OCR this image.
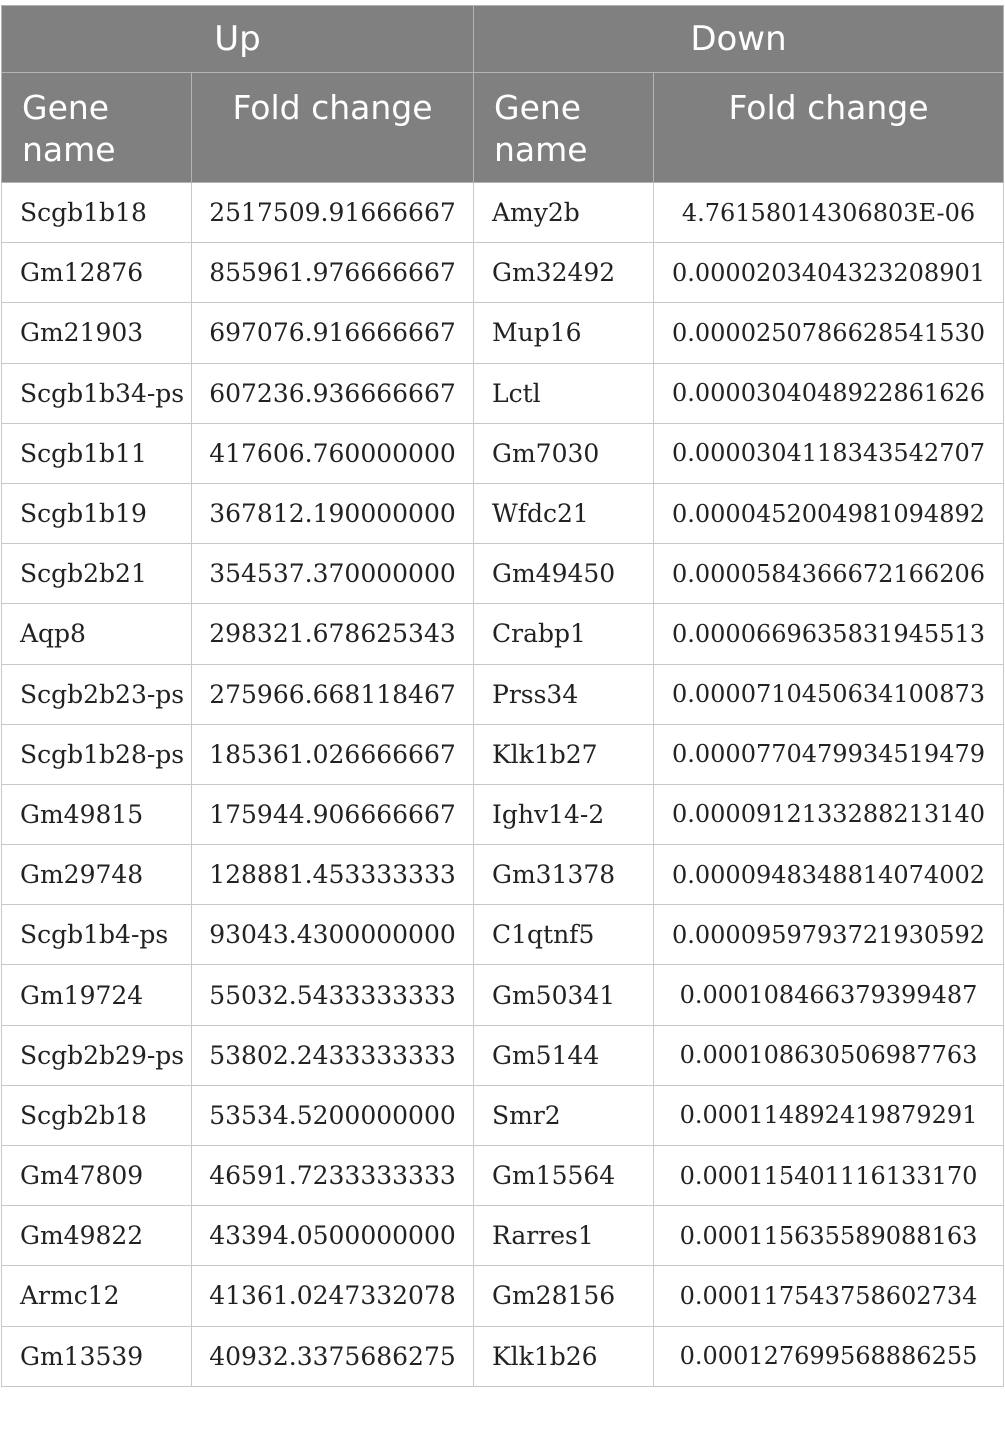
Up		Down	
Gene name	Fold change	Gene name	Fold change
Scgb1b18	2517509.91666667	Amy2b	4.76158014306803E-06
Gm12876	855961.976666667	Gm32492	0.0000203404323208901
Gm21903	697076.916666667	Mup16	0.0000250786628541530
Scgb1b34-ps	607236.936666667	Lctl	0.0000304048922861626
Scgb1b11	417606.760000000	Gm7030	0.0000304118343542707
Scgb1b19	367812.190000000	Wfdc21	0.0000452004981094892
Scgb2b21	354537.370000000	Gm49450	0.0000584366672166206
Aqp8	298321.678625343	Crabp1	0.0000669635831945513
Scgb2b23-ps	275966.668118467	Prss34	0.0000710450634100873
Scgb1b28-ps	185361.026666667	Klk1b27	0.0000770479934519479
Gm49815	175944.906666667	Ighv14-2	0.0000912133288213140
Gm29748	128881.453333333	Gm31378	0.0000948348814074002
Scgb1b4-ps	93043.4300000000	C1qtnf5	0.0000959793721930592
Gm19724	55032.5433333333	Gm50341	0.000108466379399487
Scgb2b29-ps	53802.2433333333	Gm5144	0.000108630506987763
Scgb2b18	53534.5200000000	Smr2	0.000114892419879291
Gm47809	46591.7233333333	Gm15564	0.000115401116133170
Gm49822	43394.0500000000	Rarres1	0.000115635589088163
Armc12	41361.0247332078	Gm28156	0.000117543758602734
Gm13539	40932.3375686275	Klk1b26	0.000127699568886255
